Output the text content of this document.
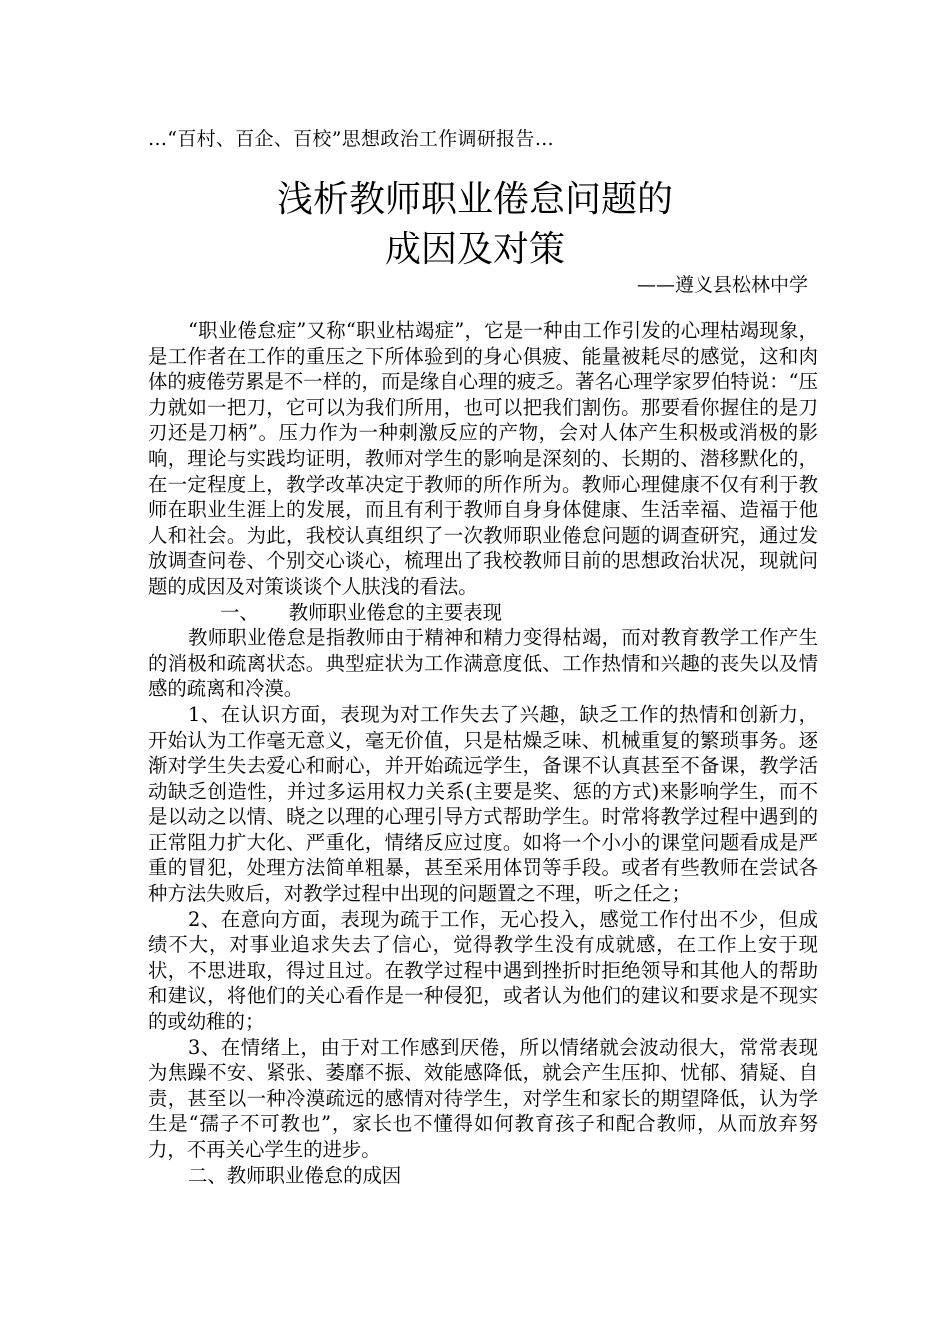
…“百村、百企、百校”思想政治工作调研报告…
浅析教师职业倦怠问题的
成因及对策
——遵义县松林中学

“职业倦怠症”又称“职业枯竭症”，它是一种由工作引发的心理枯竭现象，是工作者在工作的重压之下所体验到的身心俱疲、能量被耗尽的感觉，这和肉体的疲倦劳累是不一样的，而是缘自心理的疲乏。著名心理学家罗伯特说：“压力就如一把刀，它可以为我们所用，也可以把我们割伤。那要看你握住的是刀刃还是刀柄”。压力作为一种刺激反应的产物，会对人体产生积极或消极的影响，理论与实践均证明，教师对学生的影响是深刻的、长期的、潜移默化的，在一定程度上，教学改革决定于教师的所作所为。教师心理健康不仅有利于教师在职业生涯上的发展，而且有利于教师自身身体健康、生活幸福、造福于他人和社会。为此，我校认真组织了一次教师职业倦怠问题的调查研究，通过发放调查问卷、个别交心谈心，梳理出了我校教师目前的思想政治状况，现就问题的成因及对策谈谈个人肤浅的看法。

一、 教师职业倦怠的主要表现

教师职业倦怠是指教师由于精神和精力变得枯竭，而对教育教学工作产生的消极和疏离状态。典型症状为工作满意度低、工作热情和兴趣的丧失以及情感的疏离和冷漠。

1、在认识方面，表现为对工作失去了兴趣，缺乏工作的热情和创新力，开始认为工作毫无意义，毫无价值，只是枯燥乏味、机械重复的繁琐事务。逐渐对学生失去爱心和耐心，并开始疏远学生，备课不认真甚至不备课，教学活动缺乏创造性，并过多运用权力关系(主要是奖、惩的方式)来影响学生，而不是以动之以情、晓之以理的心理引导方式帮助学生。时常将教学过程中遇到的正常阻力扩大化、严重化，情绪反应过度。如将一个小小的课堂问题看成是严重的冒犯，处理方法简单粗暴，甚至采用体罚等手段。或者有些教师在尝试各种方法失败后，对教学过程中出现的问题置之不理，听之任之；

2、在意向方面，表现为疏于工作，无心投入，感觉工作付出不少，但成绩不大，对事业追求失去了信心，觉得教学生没有成就感，在工作上安于现状，不思进取，得过且过。在教学过程中遇到挫折时拒绝领导和其他人的帮助和建议，将他们的关心看作是一种侵犯，或者认为他们的建议和要求是不现实的或幼稚的；

3、在情绪上，由于对工作感到厌倦，所以情绪就会波动很大，常常表现为焦躁不安、紧张、萎靡不振、效能感降低，就会产生压抑、忧郁、猜疑、自责，甚至以一种冷漠疏远的感情对待学生，对学生和家长的期望降低，认为学生是“孺子不可教也”，家长也不懂得如何教育孩子和配合教师，从而放弃努力，不再关心学生的进步。

二、教师职业倦怠的成因
